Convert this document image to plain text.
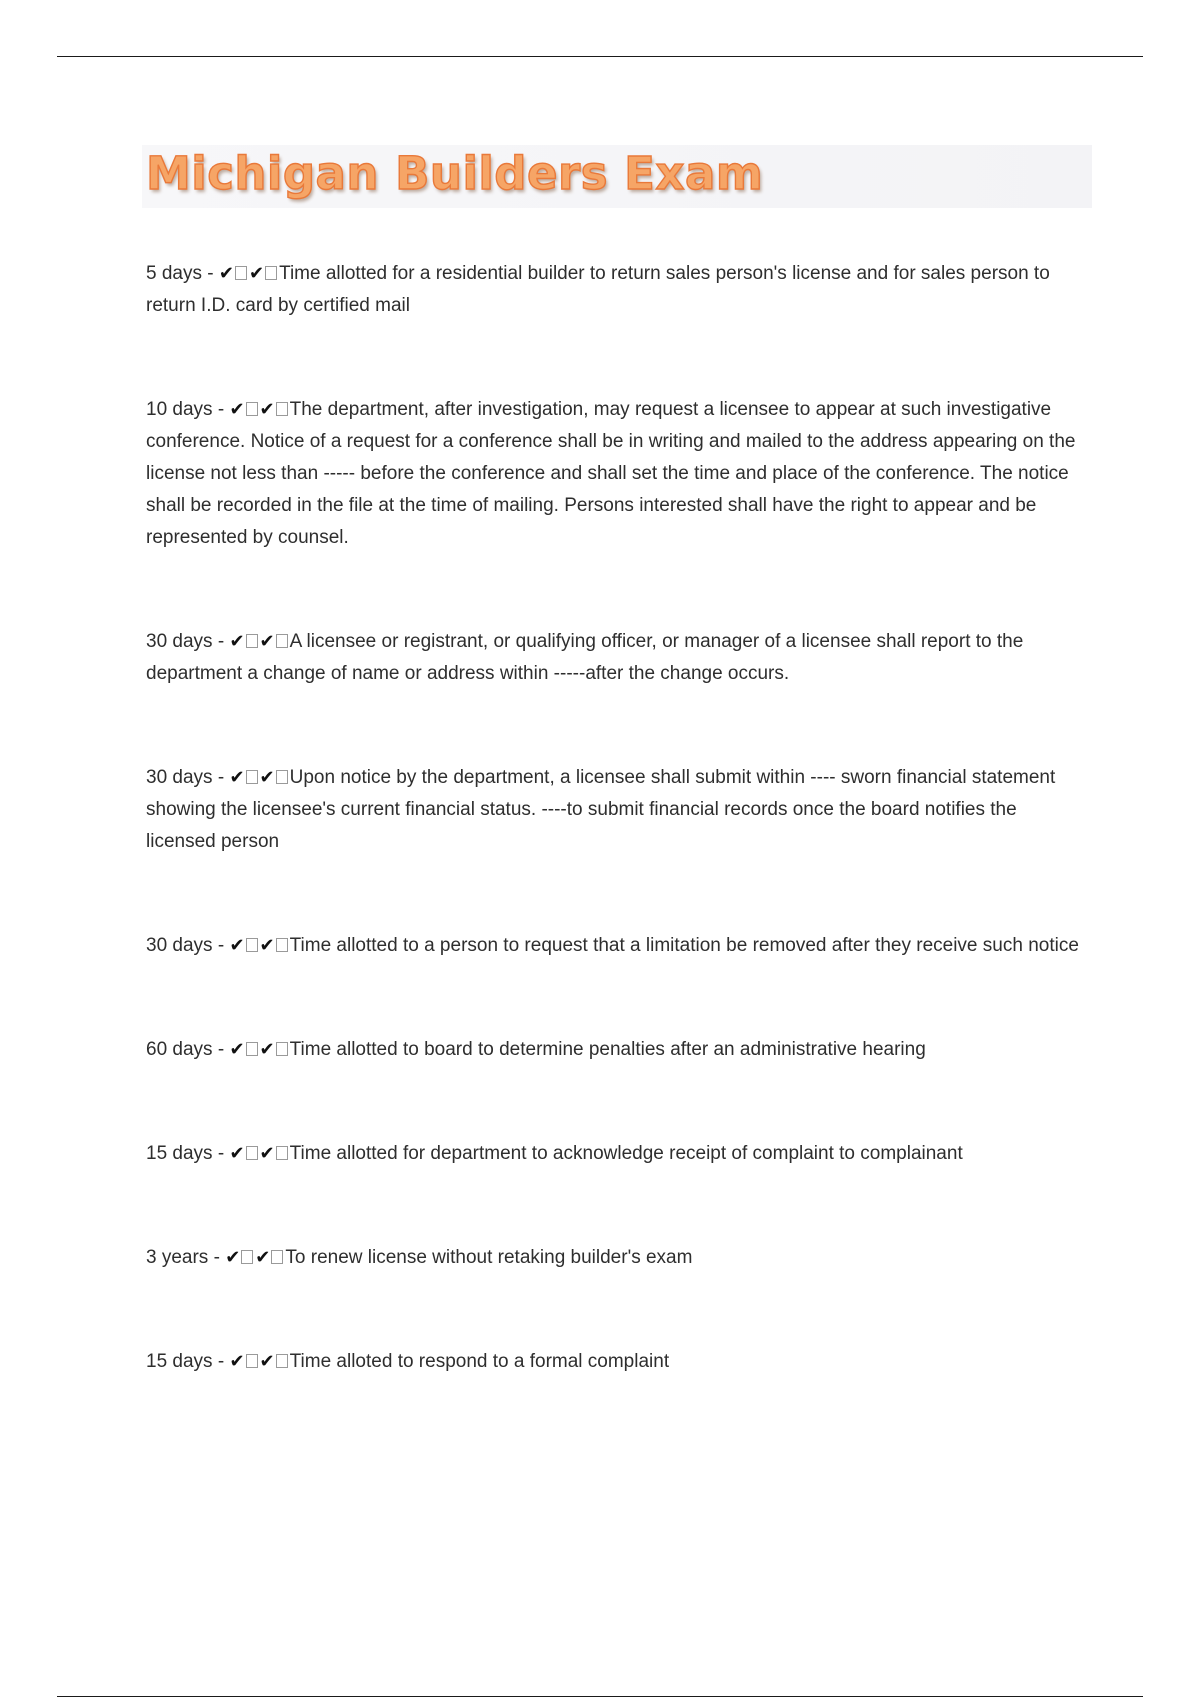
Michigan Builders Exam
5 days - ✔ ✔ Time allotted for a residential builder to return sales person's license and for sales person to return I.D. card by certified mail
10 days - ✔ ✔ The department, after investigation, may request a licensee to appear at such investigative conference. Notice of a request for a conference shall be in writing and mailed to the address appearing on the license not less than ----- before the conference and shall set the time and place of the conference. The notice shall be recorded in the file at the time of mailing. Persons interested shall have the right to appear and be represented by counsel.
30 days - ✔ ✔ A licensee or registrant, or qualifying officer, or manager of a licensee shall report to the department a change of name or address within -----after the change occurs.
30 days - ✔ ✔ Upon notice by the department, a licensee shall submit within ---- sworn financial statement showing the licensee's current financial status. ----to submit financial records once the board notifies the licensed person
30 days - ✔ ✔ Time allotted to a person to request that a limitation be removed after they receive such notice
60 days - ✔ ✔ Time allotted to board to determine penalties after an administrative hearing
15 days - ✔ ✔ Time allotted for department to acknowledge receipt of complaint to complainant
3 years - ✔ ✔ To renew license without retaking builder's exam
15 days - ✔ ✔ Time alloted to respond to a formal complaint
